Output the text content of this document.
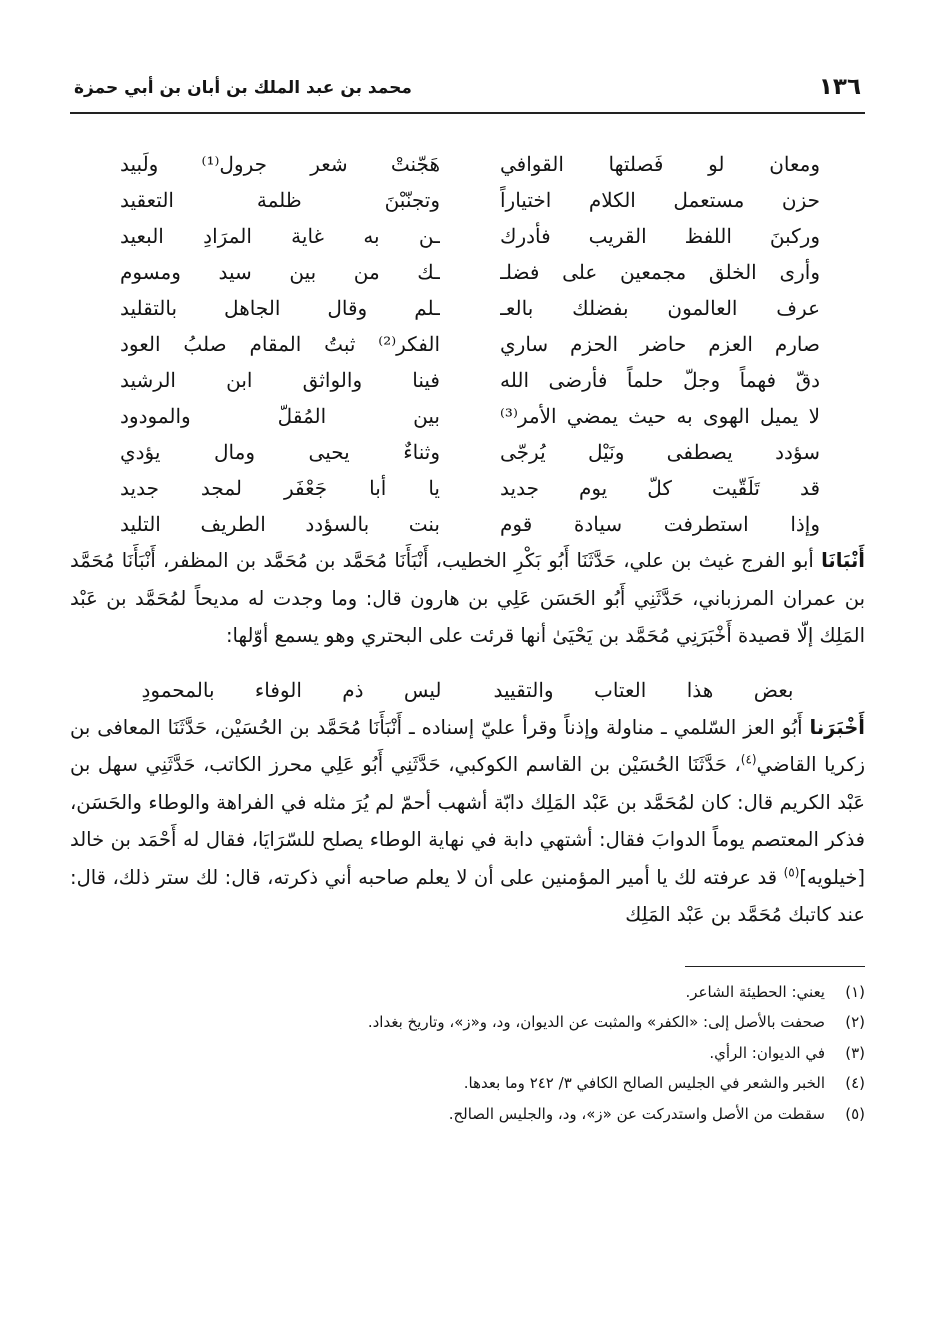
١٣٦
محمد بن عبد الملك بن أبان بن أبي حمزة
ومعان لو فَصلتها القوافي
هَجّنتْ شعر جرول⁽¹⁾ ولَبيد
حزن مستعمل الكلام اختياراً
وتجنّبْنَ ظلمة التعقيد
وركبنَ اللفظ القريب فأدرك
ـن به غاية المرَادِ البعيد
وأرى الخلق مجمعين على فضلـ
ـك من بين سيد ومسوم
عرف العالمون بفضلك بالعـ
ـلم وقال الجاهل بالتقليد
صارم العزم حاضر الحزم ساري
الفكر⁽²⁾ ثبتُ المقام صلبُ العود
دقّ فهماً وجلّ حلماً فأرضى الله
فينا والواثق ابن الرشيد
لا يميل الهوى به حيث يمضي الأمر⁽³⁾
بين المُقلّ والمودود
سؤدد يصطفى ونَيْل يُرجّى
وثناءٌ يحيى ومال يؤدي
قد تَلَقّيت كلّ يوم جديد
يا أبا جَعْفَر لمجد جديد
وإذا استطرفت سيادة قوم
بنت بالسؤدد الطريف التليد

أَنْبَانَا أبو الفرج غيث بن علي، حَدَّثَنَا أَبُو بَكْرِ الخطيب، أَنْبَأَنَا مُحَمَّد بن مُحَمَّد بن المظفر، أَنْبَأَنَا مُحَمَّد بن عمران المرزباني، حَدَّثَنِي أَبُو الحَسَن عَلِي بن هارون قال: وما وجدت له مديحاً لمُحَمَّد بن عَبْد المَلِك إلّا قصيدة أَخْبَرَنِي مُحَمَّد بن يَحْيَىٰ أنها قرئت على البحتري وهو يسمع أوّلها:

بعض هذا العتاب والتقييد
ليس ذم الوفاء بالمحمودِ

أَخْبَرَنا أَبُو العز السّلمي ـ مناولة وإذناً وقرأ عليّ إسناده ـ أَنْبَأَنَا مُحَمَّد بن الحُسَيْن، حَدَّثَنَا المعافى بن زكريا القاضي$^{(٤)}$، حَدَّثَنَا الحُسَيْن بن القاسم الكوكبي، حَدَّثَنِي أَبُو عَلِي محرز الكاتب، حَدَّثَنِي سهل بن عَبْد الكريم قال: كان لمُحَمَّد بن عَبْد المَلِك دابّة أشهب أحمّ لم يُرَ مثله في الفراهة والوطاء والحَسَن، فذكر المعتصم يوماً الدوابَ فقال: أشتهي دابة في نهاية الوطاء يصلح للسّرَايَا، فقال له أَحْمَد بن خالد [خيلويه]$^{(٥)}$ قد عرفته لك يا أمير المؤمنين على أن لا يعلم صاحبه أني ذكرته، قال: لك ستر ذلك، قال: عند كاتبك مُحَمَّد بن عَبْد المَلِك

(١)
يعني: الحطيئة الشاعر.
(٢)
صحفت بالأصل إلى: «الكفر» والمثبت عن الديوان، ود، و«ز»، وتاريخ بغداد.
(٣)
في الديوان: الرأي.
(٤)
الخبر والشعر في الجليس الصالح الكافي ٣/ ٢٤٢ وما بعدها.
(٥)
سقطت من الأصل واستدركت عن «ز»، ود، والجليس الصالح.
